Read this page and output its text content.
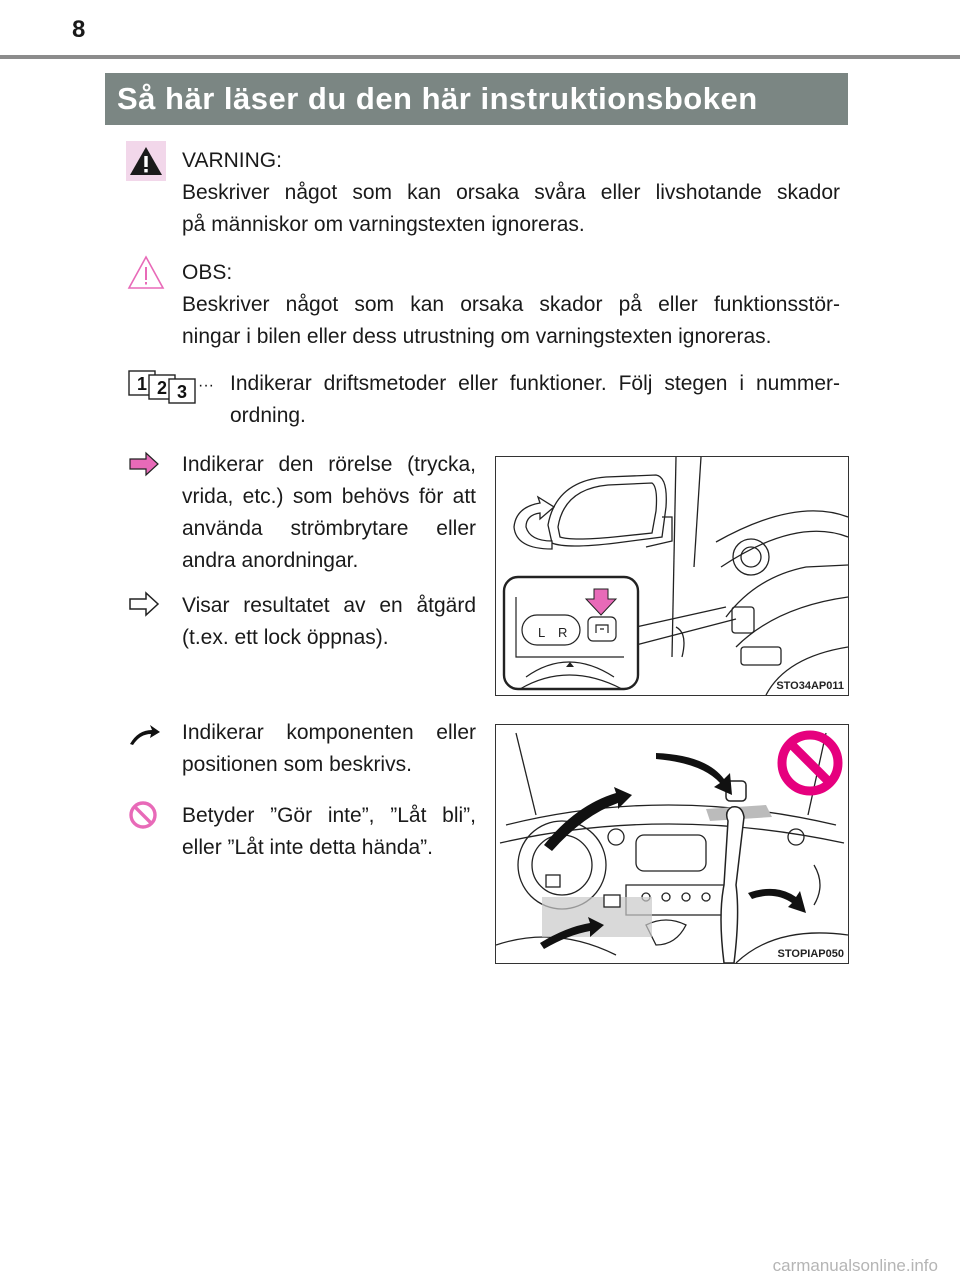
8
Så här läser du den här instruktionsboken

VARNING:

Beskriver något som kan orsaka svåra eller livshotande skador

på människor om varningstexten ignoreras.

OBS:

Beskriver något som kan orsaka skador på eller funktionsstör-

ningar i bilen eller dess utrustning om varningstexten ignoreras.

1 2 3 ··· Indikerar driftsmetoder eller funktioner. Följ stegen i nummer-

ordning.

Indikerar den rörelse (trycka,

vrida, etc.) som behövs för att

använda strömbrytare eller

andra anordningar.

Visar resultatet av en åtgärd

(t.ex. ett lock öppnas).

Indikerar komponenten eller

positionen som beskrivs.

Betyder ”Gör inte”, ”Låt bli”,

eller ”Låt inte detta hända”.

L R
STO34AP011
STOPIAP050
carmanualsonline.info
